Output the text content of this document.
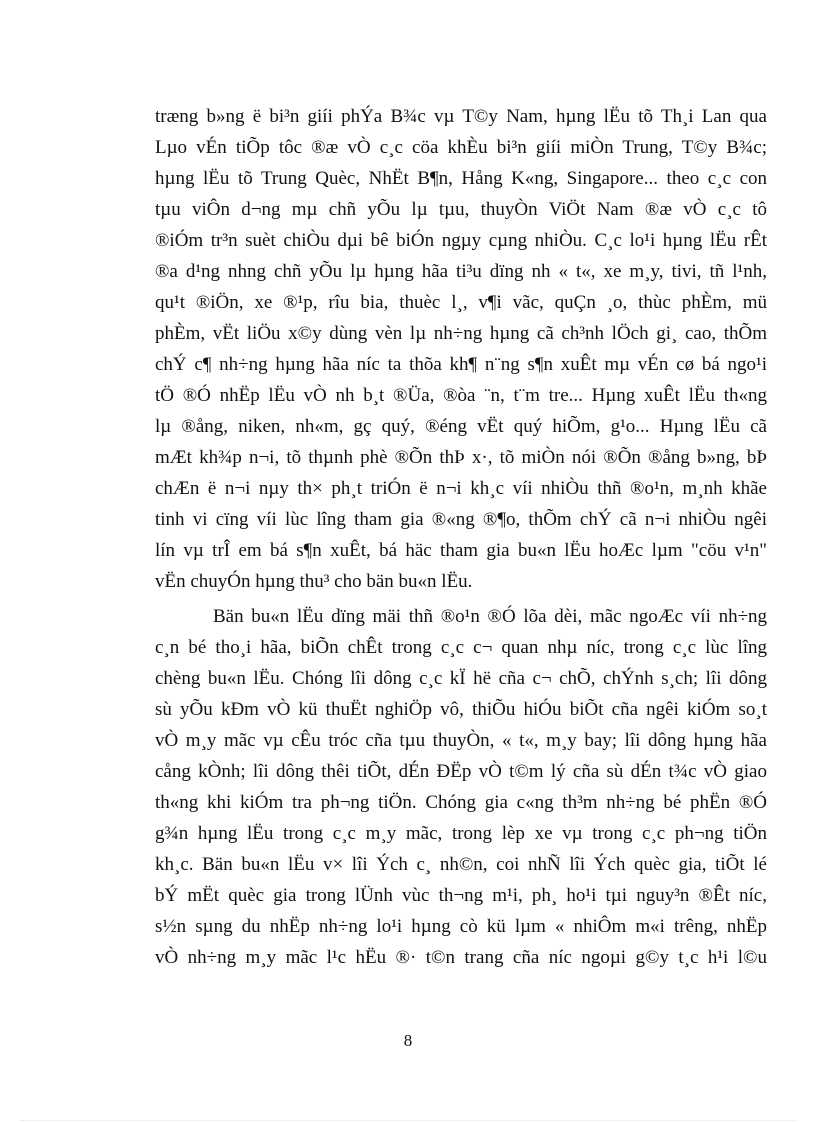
træng b»ng ë bi³n giíi phÝa B¾c vµ T©y Nam, hµng lËu tõ Th¸i Lan qua
Lµo vÉn tiÕp tôc ®æ vÒ c¸c cöa khÈu bi³n giíi miÒn Trung, T©y B¾c;
hµng lËu tõ Trung Quèc, NhËt B¶n, Hång K«ng, Singapore... theo c¸c con
tµu viÔn d¬ng mµ chñ yÕu lµ tµu, thuyÒn ViÖt Nam ®æ vÒ c¸c tô
®iÓm tr³n suèt chiÒu dµi bê biÓn ngµy cµng nhiÒu. C¸c lo¹i hµng lËu rÊt
®a d¹ng nhng chñ yÕu lµ hµng hãa ti³u dïng nh « t«, xe m¸y, tivi, tñ l¹nh,
qu¹t ®iÖn, xe ®¹p, rîu bia, thuèc l¸, v¶i vãc, quÇn ¸o, thùc phÈm, mü
phÈm, vËt liÖu x©y dùng vèn lµ nh÷ng hµng cã ch³nh lÖch gi¸ cao, thÕm
chÝ c¶ nh÷ng hµng hãa níc ta thõa kh¶ n¨ng s¶n xuÊt mµ vÉn cø bá ngo¹i
tÖ ®Ó nhËp lËu vÒ nh b¸t ®Üa, ®òa ¨n, t¨m tre... Hµng xuÊt lËu th«ng
lµ ®ång, niken, nh«m, gç quý, ®éng vËt quý hiÕm, g¹o... Hµng lËu cã
mÆt kh¾p n¬i, tõ thµnh phè ®Õn thÞ x·, tõ miÒn nói ®Õn ®ång b»ng, bÞ
chÆn ë n¬i nµy th× ph¸t triÓn ë n¬i kh¸c víi nhiÒu thñ ®o¹n, m¸nh khãe
tinh vi cïng víi lùc lîng tham gia ®«ng ®¶o, thÕm chÝ cã n¬i nhiÒu ngêi
lín vµ trÎ em bá s¶n xuÊt, bá häc tham gia bu«n lËu hoÆc lµm "cöu v¹n"
vËn chuyÓn hµng thu³ cho bän bu«n lËu.
Bän bu«n lËu dïng mäi thñ ®o¹n ®Ó lõa dèi, mãc ngoÆc víi nh÷ng
c¸n bé tho¸i hãa, biÕn chÊt trong c¸c c¬ quan nhµ níc, trong c¸c lùc lîng
chèng bu«n lËu. Chóng lîi dông c¸c kÏ hë cña c¬ chÕ, chÝnh s¸ch; lîi dông
sù yÕu kÐm vÒ kü thuËt nghiÖp vô, thiÕu hiÓu biÕt cña ngêi kiÓm so¸t
vÒ m¸y mãc vµ cÊu tróc cña tµu thuyÒn, « t«, m¸y bay; lîi dông hµng hãa
cång kÒnh; lîi dông thêi tiÕt, dÉn ÐËp vÒ t©m lý cña sù dÉn t¾c vÒ giao
th«ng khi kiÓm tra ph¬ng tiÖn. Chóng gia c«ng th³m nh÷ng bé phËn ®Ó
g¾n hµng lËu trong c¸c m¸y mãc, trong lèp xe vµ trong c¸c ph¬ng tiÖn
kh¸c. Bän bu«n lËu v× lîi Ých c¸ nh©n, coi nhÑ lîi Ých quèc gia, tiÕt lé
bÝ mËt quèc gia trong lÜnh vùc th¬ng m¹i, ph¸ ho¹i tµi nguy³n ®Êt níc,
s½n sµng du nhËp nh÷ng lo¹i hµng cò kü lµm « nhiÔm m«i trêng, nhËp
vÒ nh÷ng m¸y mãc l¹c hËu ®· t©n trang cña níc ngoµi g©y t¸c h¹i l©u
8
